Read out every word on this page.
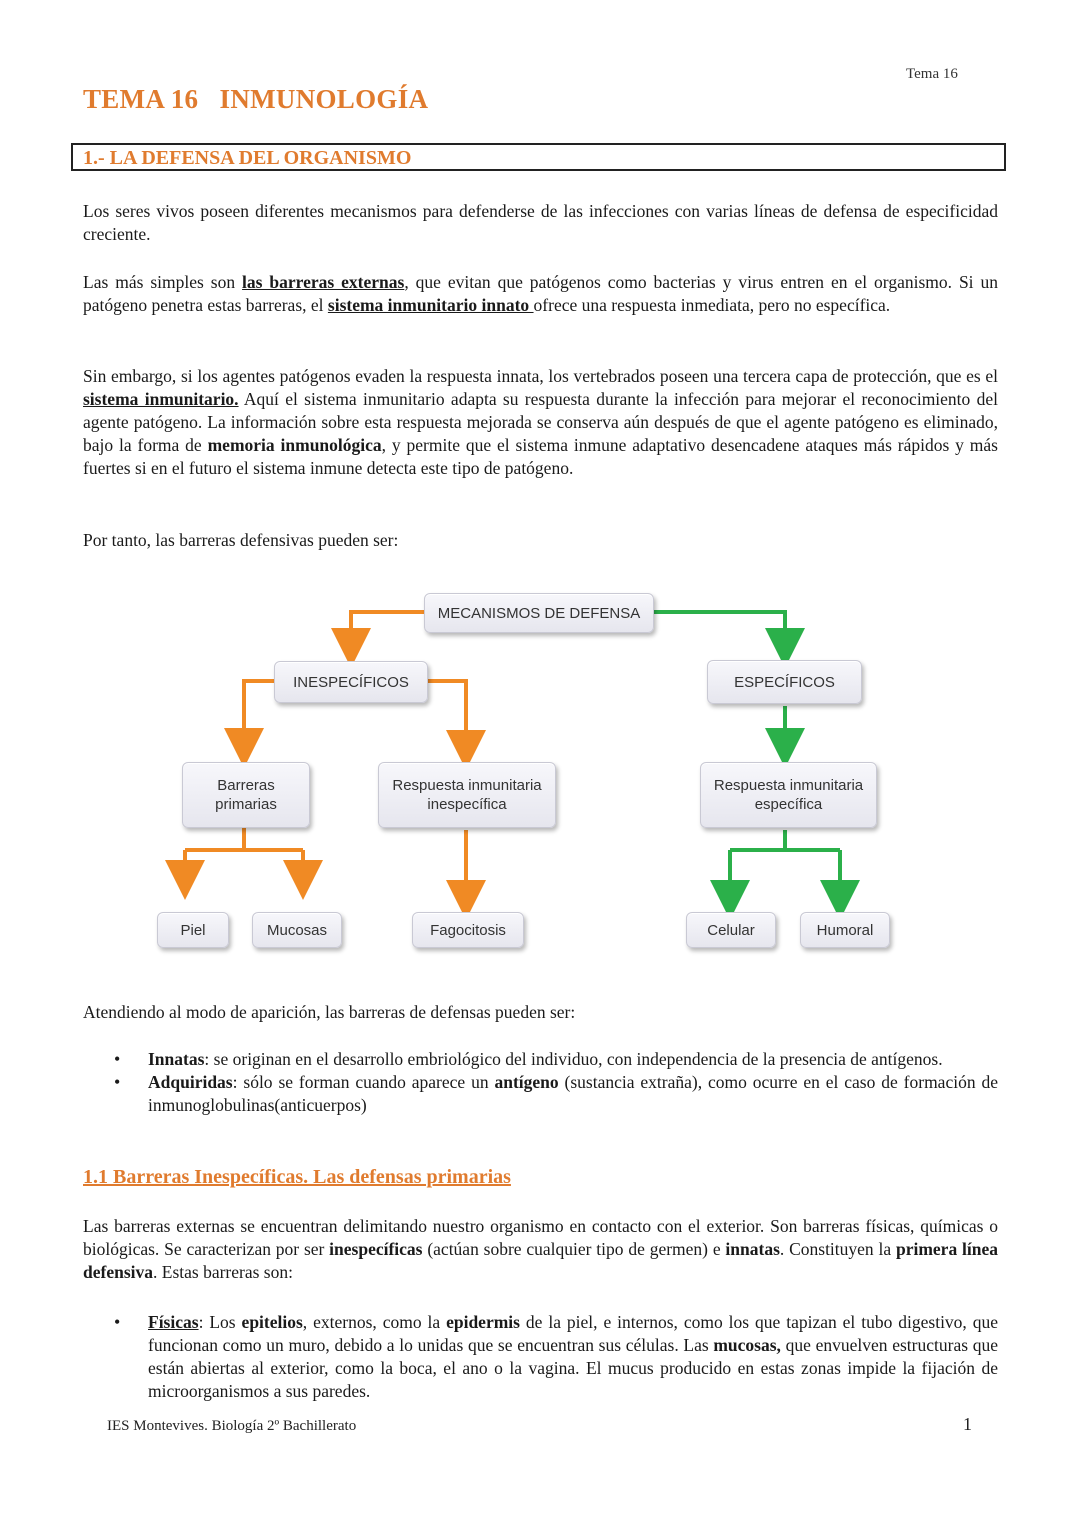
Tema 16
TEMA 16   INMUNOLOGÍA
1.- LA DEFENSA DEL ORGANISMO
Los seres vivos poseen diferentes mecanismos para defenderse de las infecciones con varias líneas de defensa de especificidad creciente.
Las más simples son las barreras externas, que evitan que patógenos como bacterias y virus entren en el organismo. Si un patógeno penetra estas barreras, el sistema inmunitario innato ofrece una respuesta inmediata, pero no específica.
Sin embargo, si los agentes patógenos evaden la respuesta innata, los vertebrados poseen una tercera capa de protección, que es el sistema inmunitario. Aquí el sistema inmunitario adapta su respuesta durante la infección para mejorar el reconocimiento del agente patógeno. La información sobre esta respuesta mejorada se conserva aún después de que el agente patógeno es eliminado, bajo la forma de memoria inmunológica, y permite que el sistema inmune adaptativo desencadene ataques más rápidos y más fuertes si en el futuro el sistema inmune detecta este tipo de patógeno.
Por tanto, las barreras defensivas pueden ser:
MECANISMOS DE DEFENSA
INESPECÍFICOS	ESPECÍFICOS
Barreras
primarias
Respuesta inmunitaria
inespecífica
Respuesta inmunitaria
específica
Piel	Mucosas	Fagocitosis	Celular	Humoral
Atendiendo al modo de aparición, las barreras de defensas pueden ser:
• Innatas: se originan en el desarrollo embriológico del individuo, con independencia de la presencia de antígenos.
• Adquiridas: sólo se forman cuando aparece un antígeno (sustancia extraña), como ocurre en el caso de formación de inmunoglobulinas(anticuerpos)
1.1 Barreras Inespecíficas. Las defensas primarias
Las barreras externas se encuentran delimitando nuestro organismo en contacto con el exterior. Son barreras físicas, químicas o biológicas. Se caracterizan por ser inespecíficas (actúan sobre cualquier tipo de germen) e innatas. Constituyen la primera línea defensiva. Estas barreras son:
• Físicas: Los epitelios, externos, como la epidermis de la piel, e internos, como los que tapizan el tubo digestivo, que funcionan como un muro, debido a lo unidas que se encuentran sus células. Las mucosas, que envuelven estructuras que están abiertas al exterior, como la boca, el ano o la vagina. El mucus producido en estas zonas impide la fijación de microorganismos a sus paredes.
IES Montevives. Biología 2º Bachillerato	1
